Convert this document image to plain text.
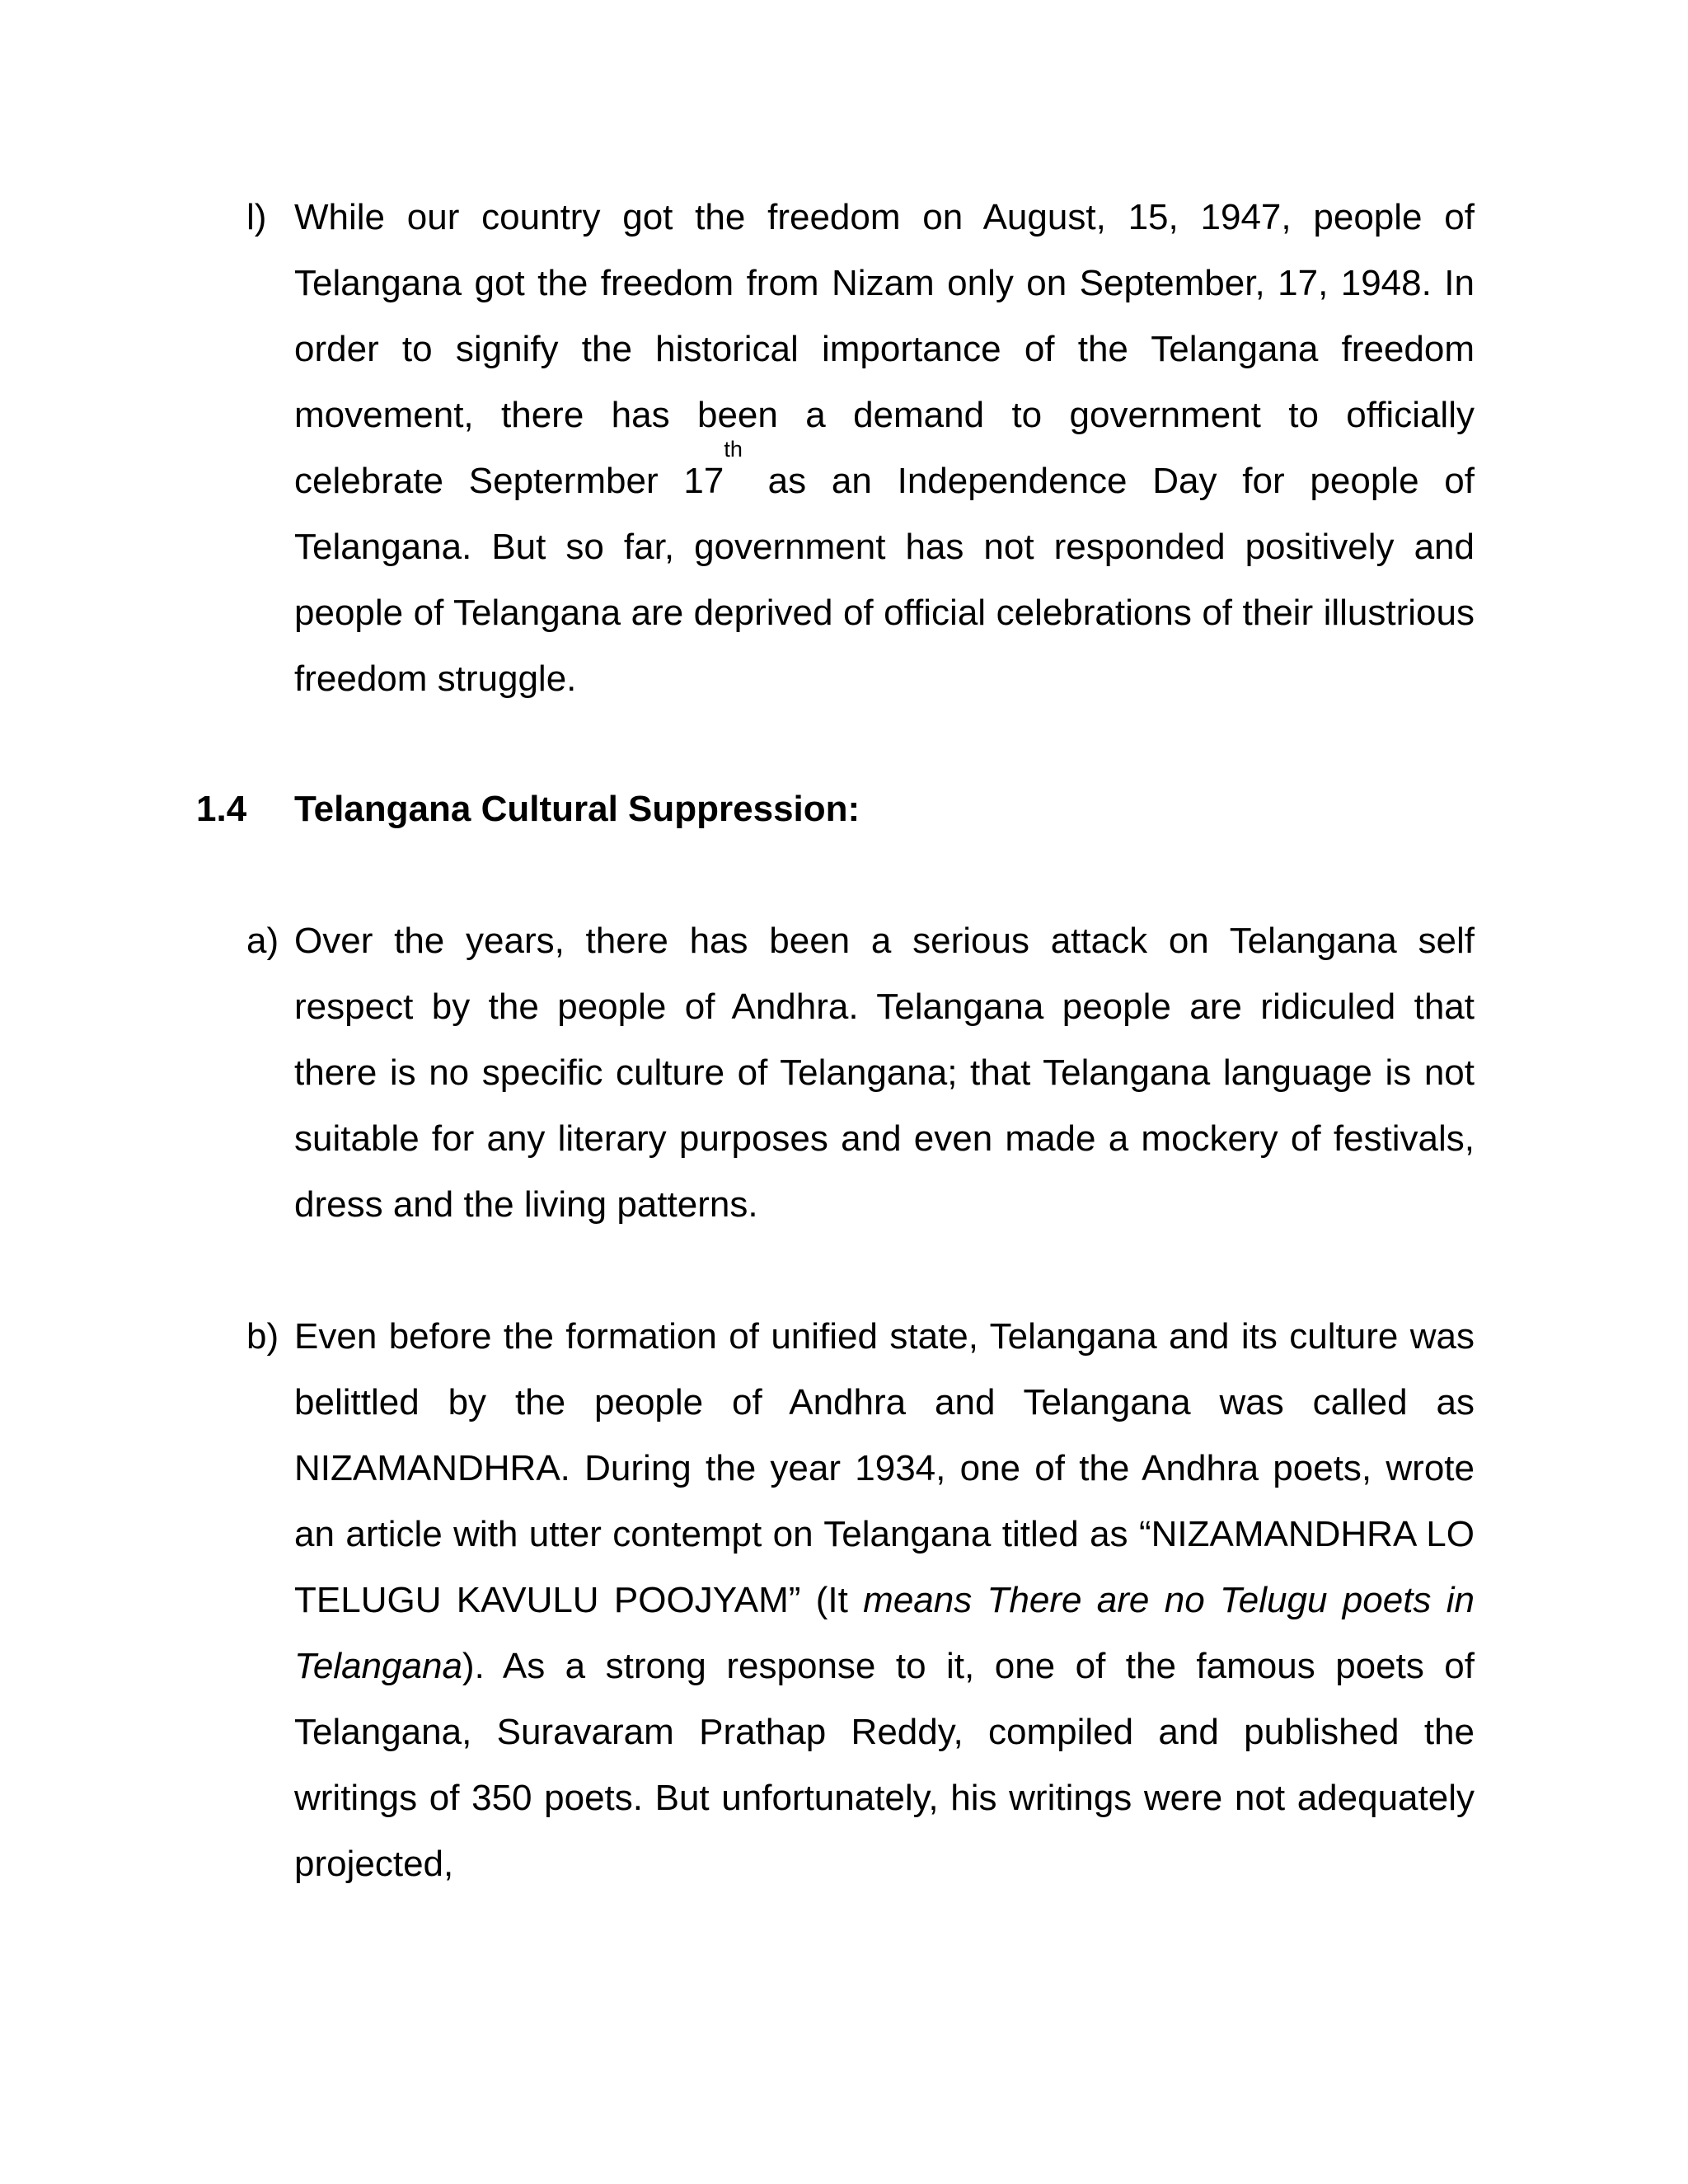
l) While our country got the freedom on August, 15, 1947, people of Telangana got the freedom from Nizam only on September, 17, 1948. In order to signify the historical importance of the Telangana freedom movement, there has been a demand to government to officially celebrate Septermber 17th as an Independence Day for people of Telangana. But so far, government has not responded positively and people of Telangana are deprived of official celebrations of their illustrious freedom struggle.

1.4 Telangana Cultural Suppression:
a) Over the years, there has been a serious attack on Telangana self respect by the people of Andhra. Telangana people are ridiculed that there is no specific culture of Telangana; that Telangana language is not suitable for any literary purposes and even made a mockery of festivals, dress and the living patterns.

b) Even before the formation of unified state, Telangana and its culture was belittled by the people of Andhra and Telangana was called as NIZAMANDHRA. During the year 1934, one of the Andhra poets, wrote an article with utter contempt on Telangana titled as “NIZAMANDHRA LO TELUGU KAVULU POOJYAM” (It means There are no Telugu poets in Telangana). As a strong response to it, one of the famous poets of Telangana, Suravaram Prathap Reddy, compiled and published the writings of 350 poets. But unfortunately, his writings were not adequately projected,
